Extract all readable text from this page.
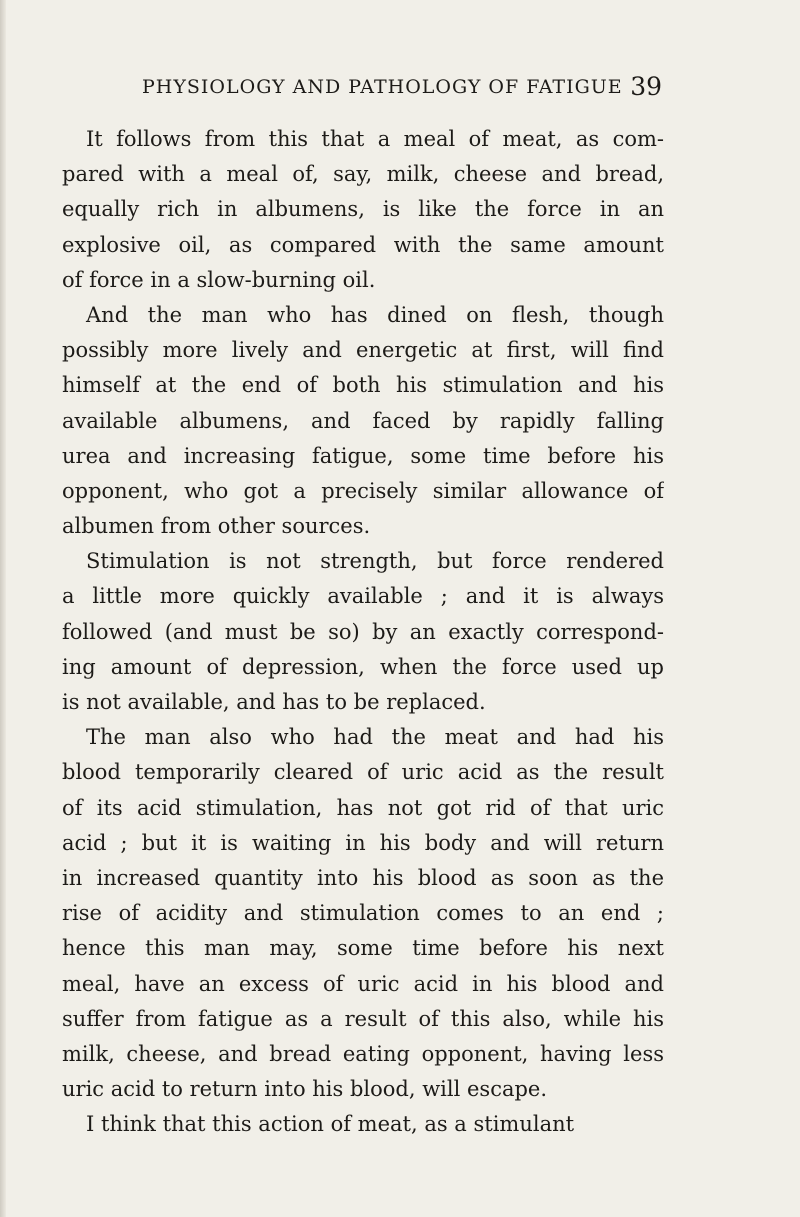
PHYSIOLOGY AND PATHOLOGY OF FATIGUE 39
It follows from this that a meal of meat, as com-
pared with a meal of, say, milk, cheese and bread,
equally rich in albumens, is like the force in an
explosive oil, as compared with the same amount
of force in a slow-burning oil.
And the man who has dined on flesh, though
possibly more lively and energetic at first, will find
himself at the end of both his stimulation and his
available albumens, and faced by rapidly falling
urea and increasing fatigue, some time before his
opponent, who got a precisely similar allowance of
albumen from other sources.
Stimulation is not strength, but force rendered
a little more quickly available ; and it is always
followed (and must be so) by an exactly correspond-
ing amount of depression, when the force used up
is not available, and has to be replaced.
The man also who had the meat and had his
blood temporarily cleared of uric acid as the result
of its acid stimulation, has not got rid of that uric
acid ; but it is waiting in his body and will return
in increased quantity into his blood as soon as the
rise of acidity and stimulation comes to an end ;
hence this man may, some time before his next
meal, have an excess of uric acid in his blood and
suffer from fatigue as a result of this also, while his
milk, cheese, and bread eating opponent, having less
uric acid to return into his blood, will escape.
I think that this action of meat, as a stimulant
